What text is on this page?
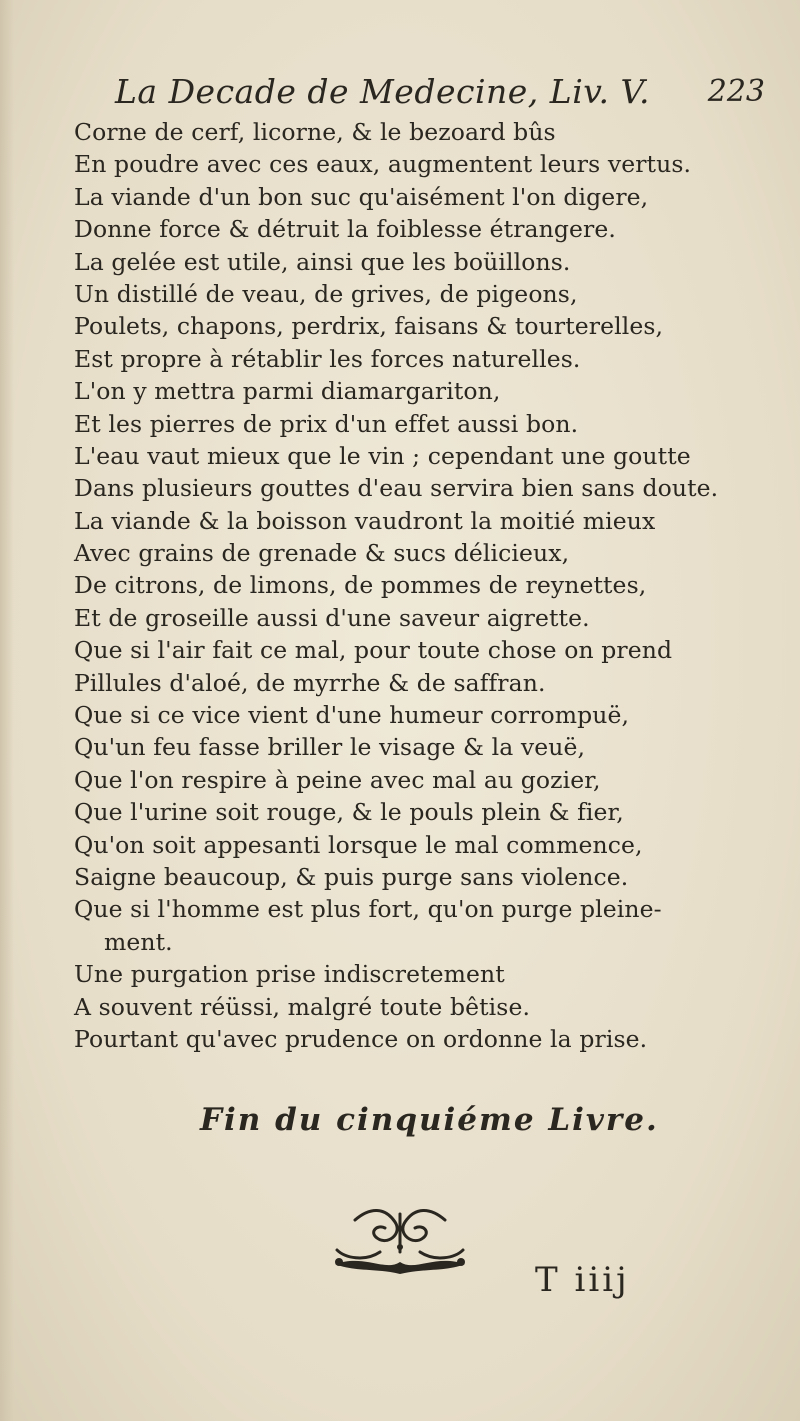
La Decade de Medecine, Liv. V. 223
Corne de cerf, licorne, & le bezoard bûs
En poudre avec ces eaux, augmentent leurs vertus.
La viande d'un bon suc qu'aisément l'on digere,
Donne force & détruit la foiblesse étrangere.
La gelée est utile, ainsi que les boüillons.
Un distillé de veau, de grives, de pigeons,
Poulets, chapons, perdrix, faisans & tourterelles,
Est propre à rétablir les forces naturelles.
L'on y mettra parmi diamargariton,
Et les pierres de prix d'un effet aussi bon.
L'eau vaut mieux que le vin ; cependant une goutte
Dans plusieurs gouttes d'eau servira bien sans doute.
La viande & la boisson vaudront la moitié mieux
Avec grains de grenade & sucs délicieux,
De citrons, de limons, de pommes de reynettes,
Et de groseille aussi d'une saveur aigrette.
Que si l'air fait ce mal, pour toute chose on prend
Pillules d'aloé, de myrrhe & de saffran.
Que si ce vice vient d'une humeur corrompuë,
Qu'un feu fasse briller le visage & la veuë,
Que l'on respire à peine avec mal au gozier,
Que l'urine soit rouge, & le pouls plein & fier,
Qu'on soit appesanti lorsque le mal commence,
Saigne beaucoup, & puis purge sans violence.
Que si l'homme est plus fort, qu'on purge pleine-
ment.
Une purgation prise indiscretement
A souvent réüssi, malgré toute bêtise.
Pourtant qu'avec prudence on ordonne la prise.
Fin du cinquiéme Livre.
T iiij
